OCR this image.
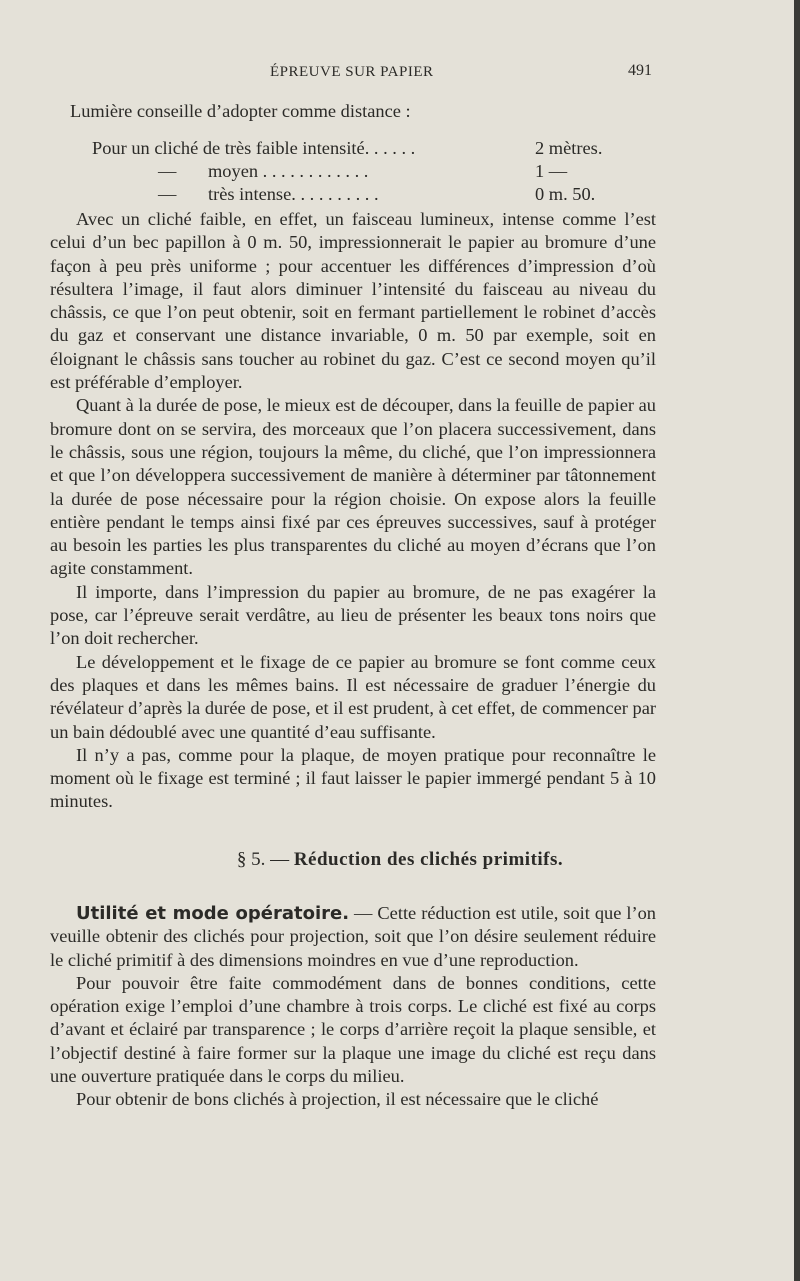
ÉPREUVE SUR PAPIER	491
Lumière conseille d’adopter comme distance :
Pour un cliché de très faible intensité. . . . . .	2 mètres.
— moyen . . . . . . . . . . . .	1 —
— très intense. . . . . . . . . .	0 m. 50.

Avec un cliché faible, en effet, un faisceau lumineux, intense comme l’est celui d’un bec papillon à 0 m. 50, impressionnerait le papier au bromure d’une façon à peu près uniforme ; pour accentuer les différences d’impression d’où résultera l’image, il faut alors diminuer l’intensité du faisceau au niveau du châssis, ce que l’on peut obtenir, soit en fermant partiellement le robinet d’accès du gaz et conservant une distance invariable, 0 m. 50 par exemple, soit en éloignant le châssis sans toucher au robinet du gaz. C’est ce second moyen qu’il est préférable d’employer.

Quant à la durée de pose, le mieux est de découper, dans la feuille de papier au bromure dont on se servira, des morceaux que l’on placera successivement, dans le châssis, sous une région, toujours la même, du cliché, que l’on impressionnera et que l’on développera successivement de manière à déterminer par tâtonnement la durée de pose nécessaire pour la région choisie. On expose alors la feuille entière pendant le temps ainsi fixé par ces épreuves successives, sauf à protéger au besoin les parties les plus transparentes du cliché au moyen d’écrans que l’on agite constamment.

Il importe, dans l’impression du papier au bromure, de ne pas exagérer la pose, car l’épreuve serait verdâtre, au lieu de présenter les beaux tons noirs que l’on doit rechercher.

Le développement et le fixage de ce papier au bromure se font comme ceux des plaques et dans les mêmes bains. Il est nécessaire de graduer l’énergie du révélateur d’après la durée de pose, et il est prudent, à cet effet, de commencer par un bain dédoublé avec une quantité d’eau suffisante.

Il n’y a pas, comme pour la plaque, de moyen pratique pour reconnaître le moment où le fixage est terminé ; il faut laisser le papier immergé pendant 5 à 10 minutes.

§ 5. — Réduction des clichés primitifs.

Utilité et mode opératoire. — Cette réduction est utile, soit que l’on veuille obtenir des clichés pour projection, soit que l’on désire seulement réduire le cliché primitif à des dimensions moindres en vue d’une reproduction.

Pour pouvoir être faite commodément dans de bonnes conditions, cette opération exige l’emploi d’une chambre à trois corps. Le cliché est fixé au corps d’avant et éclairé par transparence ; le corps d’arrière reçoit la plaque sensible, et l’objectif destiné à faire former sur la plaque une image du cliché est reçu dans une ouverture pratiquée dans le corps du milieu.

Pour obtenir de bons clichés à projection, il est nécessaire que le cliché
